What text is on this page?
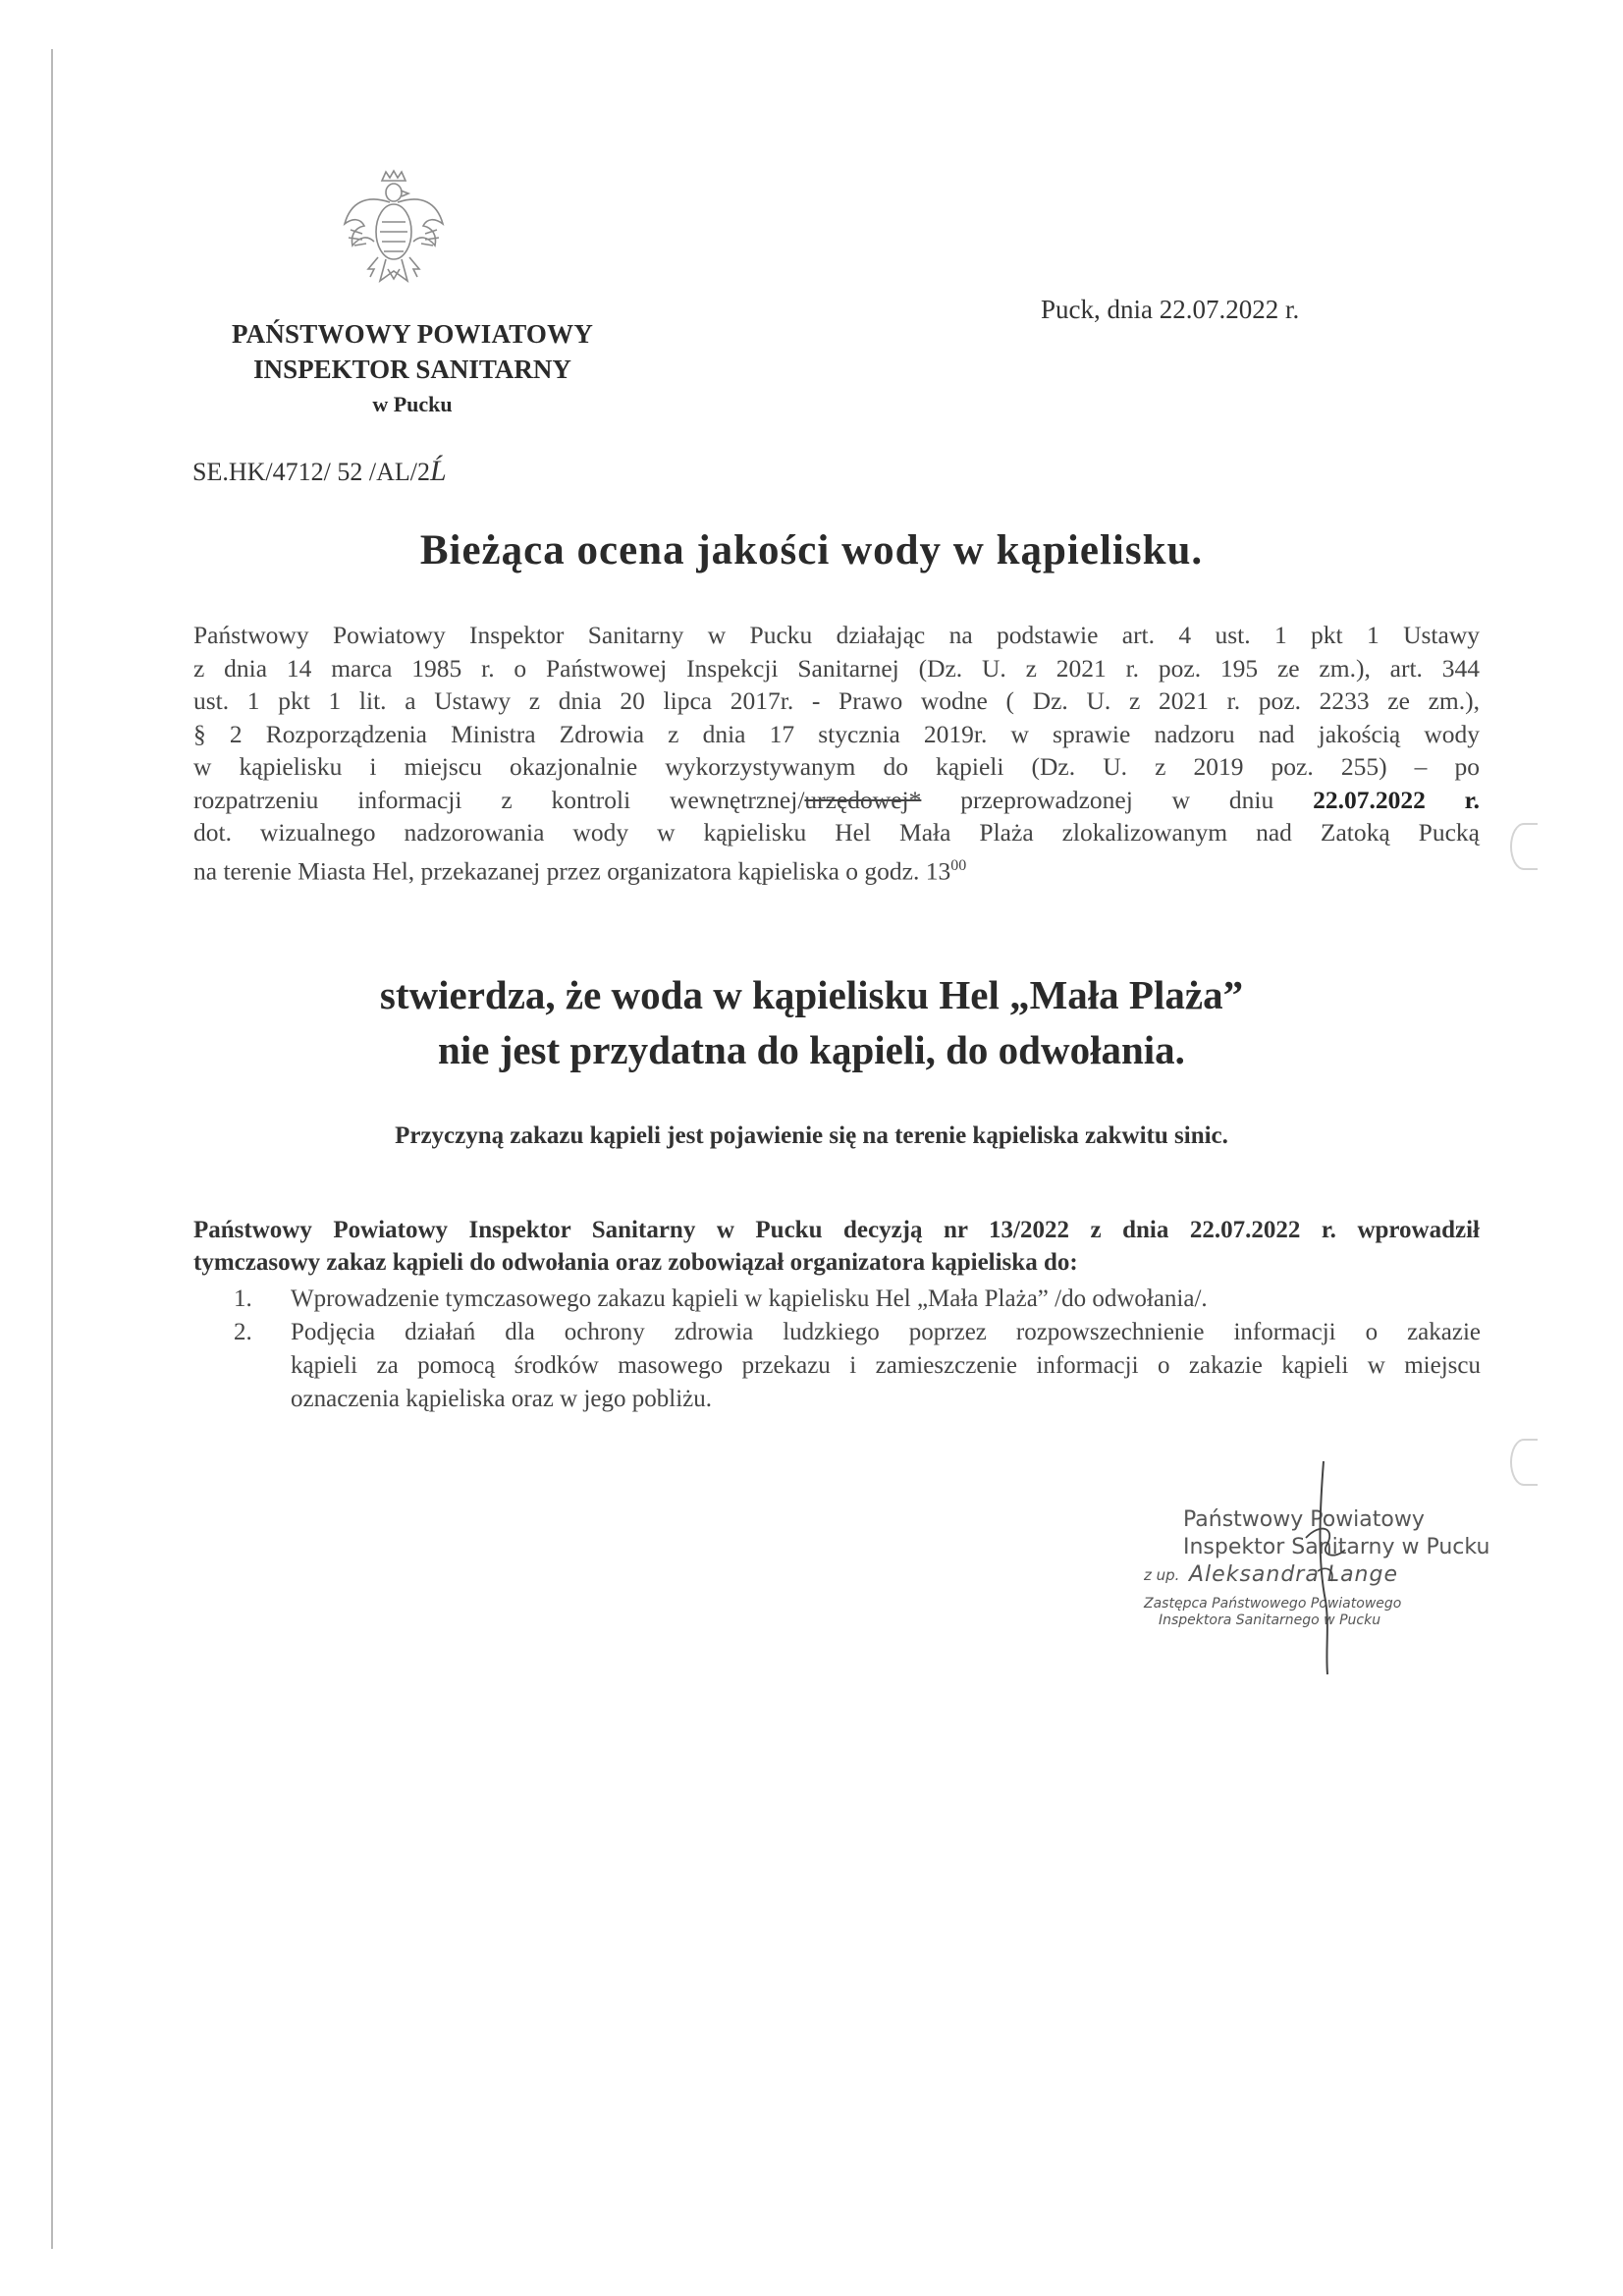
PAŃSTWOWY POWIATOWY
INSPEKTOR SANITARNY
w Pucku
Puck, dnia 22.07.2022 r.
SE.HK/4712/ 52 /AL/2Ĺ
Bieżąca ocena jakości wody w kąpielisku.
Państwowy Powiatowy Inspektor Sanitarny w Pucku działając na podstawie art. 4 ust. 1 pkt 1 Ustawy
z dnia 14 marca 1985 r. o Państwowej Inspekcji Sanitarnej (Dz. U. z 2021 r. poz. 195 ze zm.), art. 344
ust. 1 pkt 1 lit. a Ustawy z dnia 20 lipca 2017r. - Prawo wodne ( Dz. U. z 2021 r. poz. 2233 ze zm.),
§ 2 Rozporządzenia Ministra Zdrowia z dnia 17 stycznia 2019r. w sprawie nadzoru nad jakością wody
w kąpielisku i miejscu okazjonalnie wykorzystywanym do kąpieli (Dz. U. z 2019 poz. 255) – po
rozpatrzeniu informacji z kontroli wewnętrznej/urzędowej* przeprowadzonej w dniu 22.07.2022 r.
dot. wizualnego nadzorowania wody w kąpielisku Hel Mała Plaża zlokalizowanym nad Zatoką Pucką
na terenie Miasta Hel, przekazanej przez organizatora kąpieliska o godz. $13^{00}$
stwierdza, że woda w kąpielisku Hel „Mała Plaża”
nie jest przydatna do kąpieli, do odwołania.
Przyczyną zakazu kąpieli jest pojawienie się na terenie kąpieliska zakwitu sinic.
Państwowy Powiatowy Inspektor Sanitarny w Pucku decyzją nr 13/2022 z dnia 22.07.2022 r. wprowadził
tymczasowy zakaz kąpieli do odwołania oraz zobowiązał organizatora kąpieliska do:
1. Wprowadzenie tymczasowego zakazu kąpieli w kąpielisku Hel „Mała Plaża” /do odwołania/.
2. Podjęcia działań dla ochrony zdrowia ludzkiego poprzez rozpowszechnienie informacji o zakazie
kąpieli za pomocą środków masowego przekazu i zamieszczenie informacji o zakazie kąpieli w miejscu
oznaczenia kąpieliska oraz w jego pobliżu.
Państwowy Powiatowy
Inspektor Sanitarny w Pucku
z up. Aleksandra Lange
Zastępca Państwowego Powiatowego
Inspektora Sanitarnego w Pucku
